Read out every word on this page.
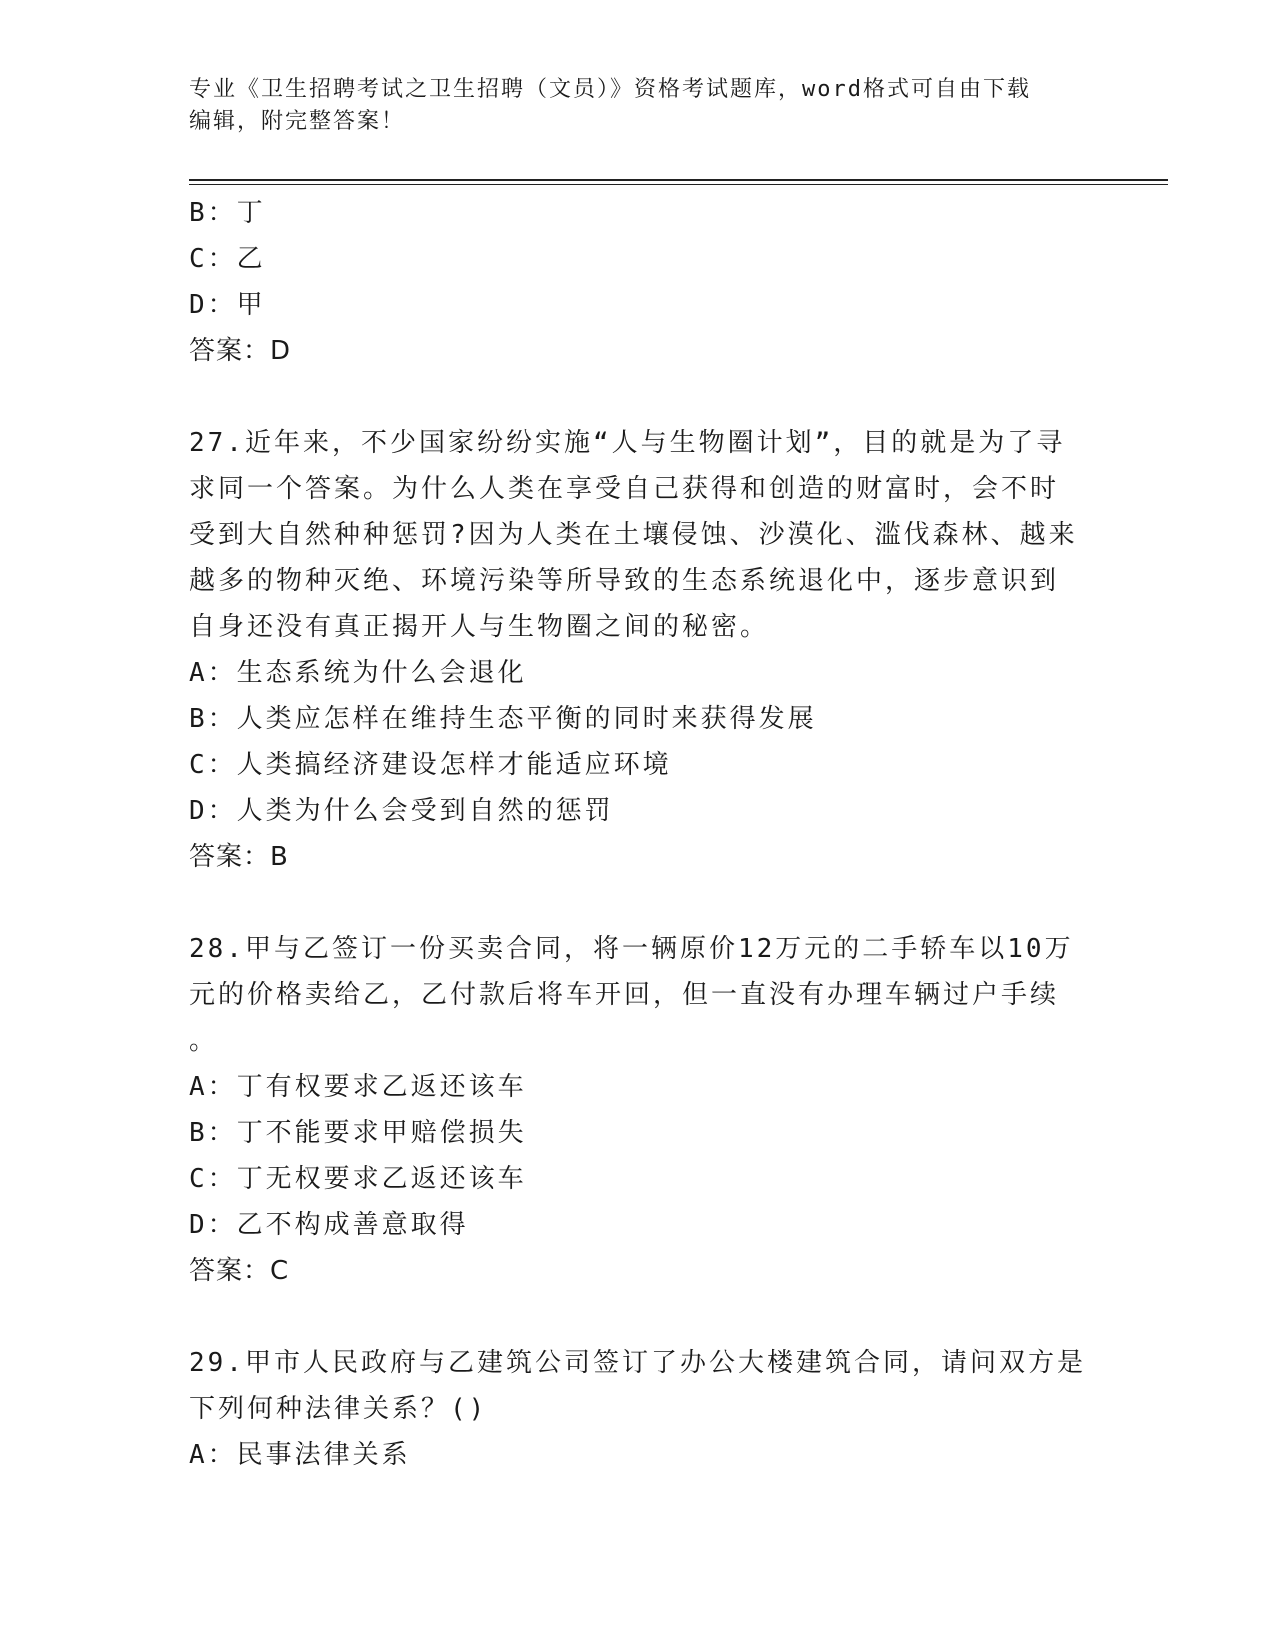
专业《卫生招聘考试之卫生招聘（文员）》资格考试题库，word格式可自由下载
编辑，附完整答案！
B：丁
C：乙
D：甲
答案：D
27.近年来，不少国家纷纷实施“人与生物圈计划”，目的就是为了寻
求同一个答案。为什么人类在享受自己获得和创造的财富时，会不时
受到大自然种种惩罚?因为人类在土壤侵蚀、沙漠化、滥伐森林、越来
越多的物种灭绝、环境污染等所导致的生态系统退化中，逐步意识到
自身还没有真正揭开人与生物圈之间的秘密。
A：生态系统为什么会退化
B：人类应怎样在维持生态平衡的同时来获得发展
C：人类搞经济建设怎样才能适应环境
D：人类为什么会受到自然的惩罚
答案：B
28.甲与乙签订一份买卖合同，将一辆原价12万元的二手轿车以10万
元的价格卖给乙，乙付款后将车开回，但一直没有办理车辆过户手续
。
A：丁有权要求乙返还该车
B：丁不能要求甲赔偿损失
C：丁无权要求乙返还该车
D：乙不构成善意取得
答案：C
29.甲市人民政府与乙建筑公司签订了办公大楼建筑合同，请问双方是
下列何种法律关系？()
A：民事法律关系
